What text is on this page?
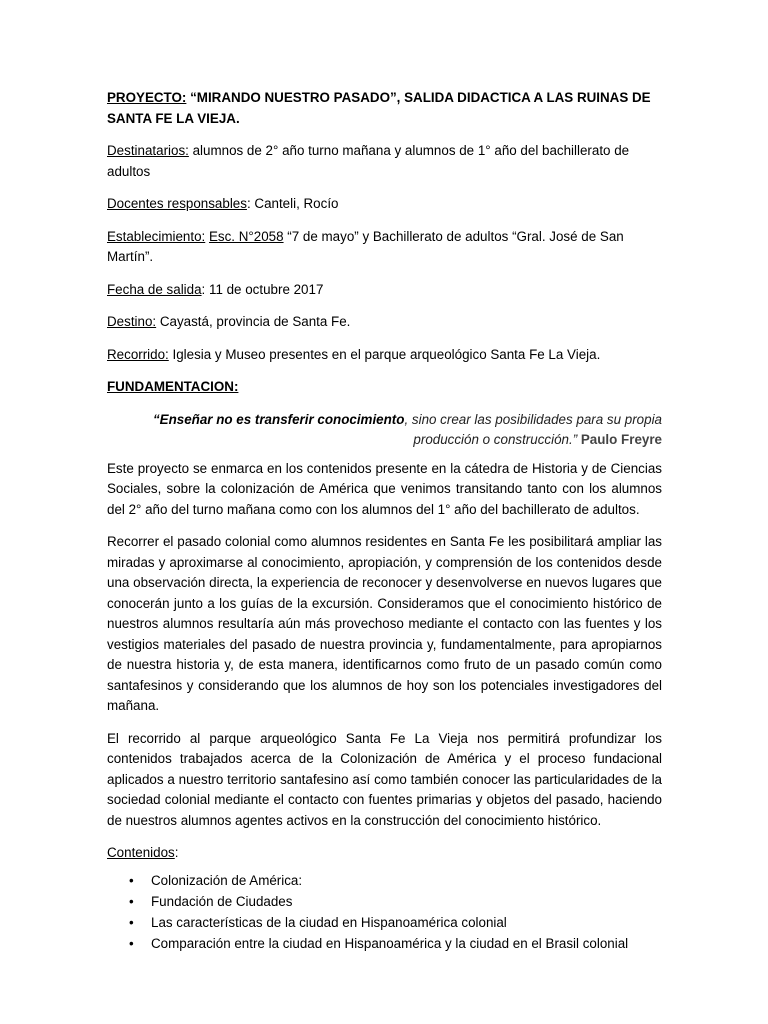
PROYECTO: “MIRANDO NUESTRO PASADO”, SALIDA DIDACTICA A LAS RUINAS DE SANTA FE LA VIEJA.

Destinatarios: alumnos de 2° año turno mañana y alumnos de 1° año del bachillerato de adultos

Docentes responsables: Canteli, Rocío

Establecimiento: Esc. N°2058 “7 de mayo” y Bachillerato de adultos “Gral. José de San Martín”.

Fecha de salida: 11 de octubre 2017

Destino: Cayastá, provincia de Santa Fe.

Recorrido: Iglesia y Museo presentes en el parque arqueológico Santa Fe La Vieja.

FUNDAMENTACION:

“Enseñar no es transferir conocimiento, sino crear las posibilidades para su propia producción o construcción.” Paulo Freyre

Este proyecto se enmarca en los contenidos presente en la cátedra de Historia y de Ciencias Sociales, sobre la colonización de América que venimos transitando tanto con los alumnos del 2° año del turno mañana como con los alumnos del 1° año del bachillerato de adultos.

Recorrer el pasado colonial como alumnos residentes en Santa Fe les posibilitará ampliar las miradas y aproximarse al conocimiento, apropiación, y comprensión de los contenidos desde una observación directa, la experiencia de reconocer y desenvolverse en nuevos lugares que conocerán junto a los guías de la excursión. Consideramos que el conocimiento histórico de nuestros alumnos resultaría aún más provechoso mediante el contacto con las fuentes y los vestigios materiales del pasado de nuestra provincia y, fundamentalmente, para apropiarnos de nuestra historia y, de esta manera, identificarnos como fruto de un pasado común como santafesinos y considerando que los alumnos de hoy son los potenciales investigadores del mañana.

El recorrido al parque arqueológico Santa Fe La Vieja nos permitirá profundizar los contenidos trabajados acerca de la Colonización de América y el proceso fundacional aplicados a nuestro territorio santafesino así como también conocer las particularidades de la sociedad colonial mediante el contacto con fuentes primarias y objetos del pasado, haciendo de nuestros alumnos agentes activos en la construcción del conocimiento histórico.

Contenidos:

• Colonización de América:
• Fundación de Ciudades
• Las características de la ciudad en Hispanoamérica colonial
• Comparación entre la ciudad en Hispanoamérica y la ciudad en el Brasil colonial
